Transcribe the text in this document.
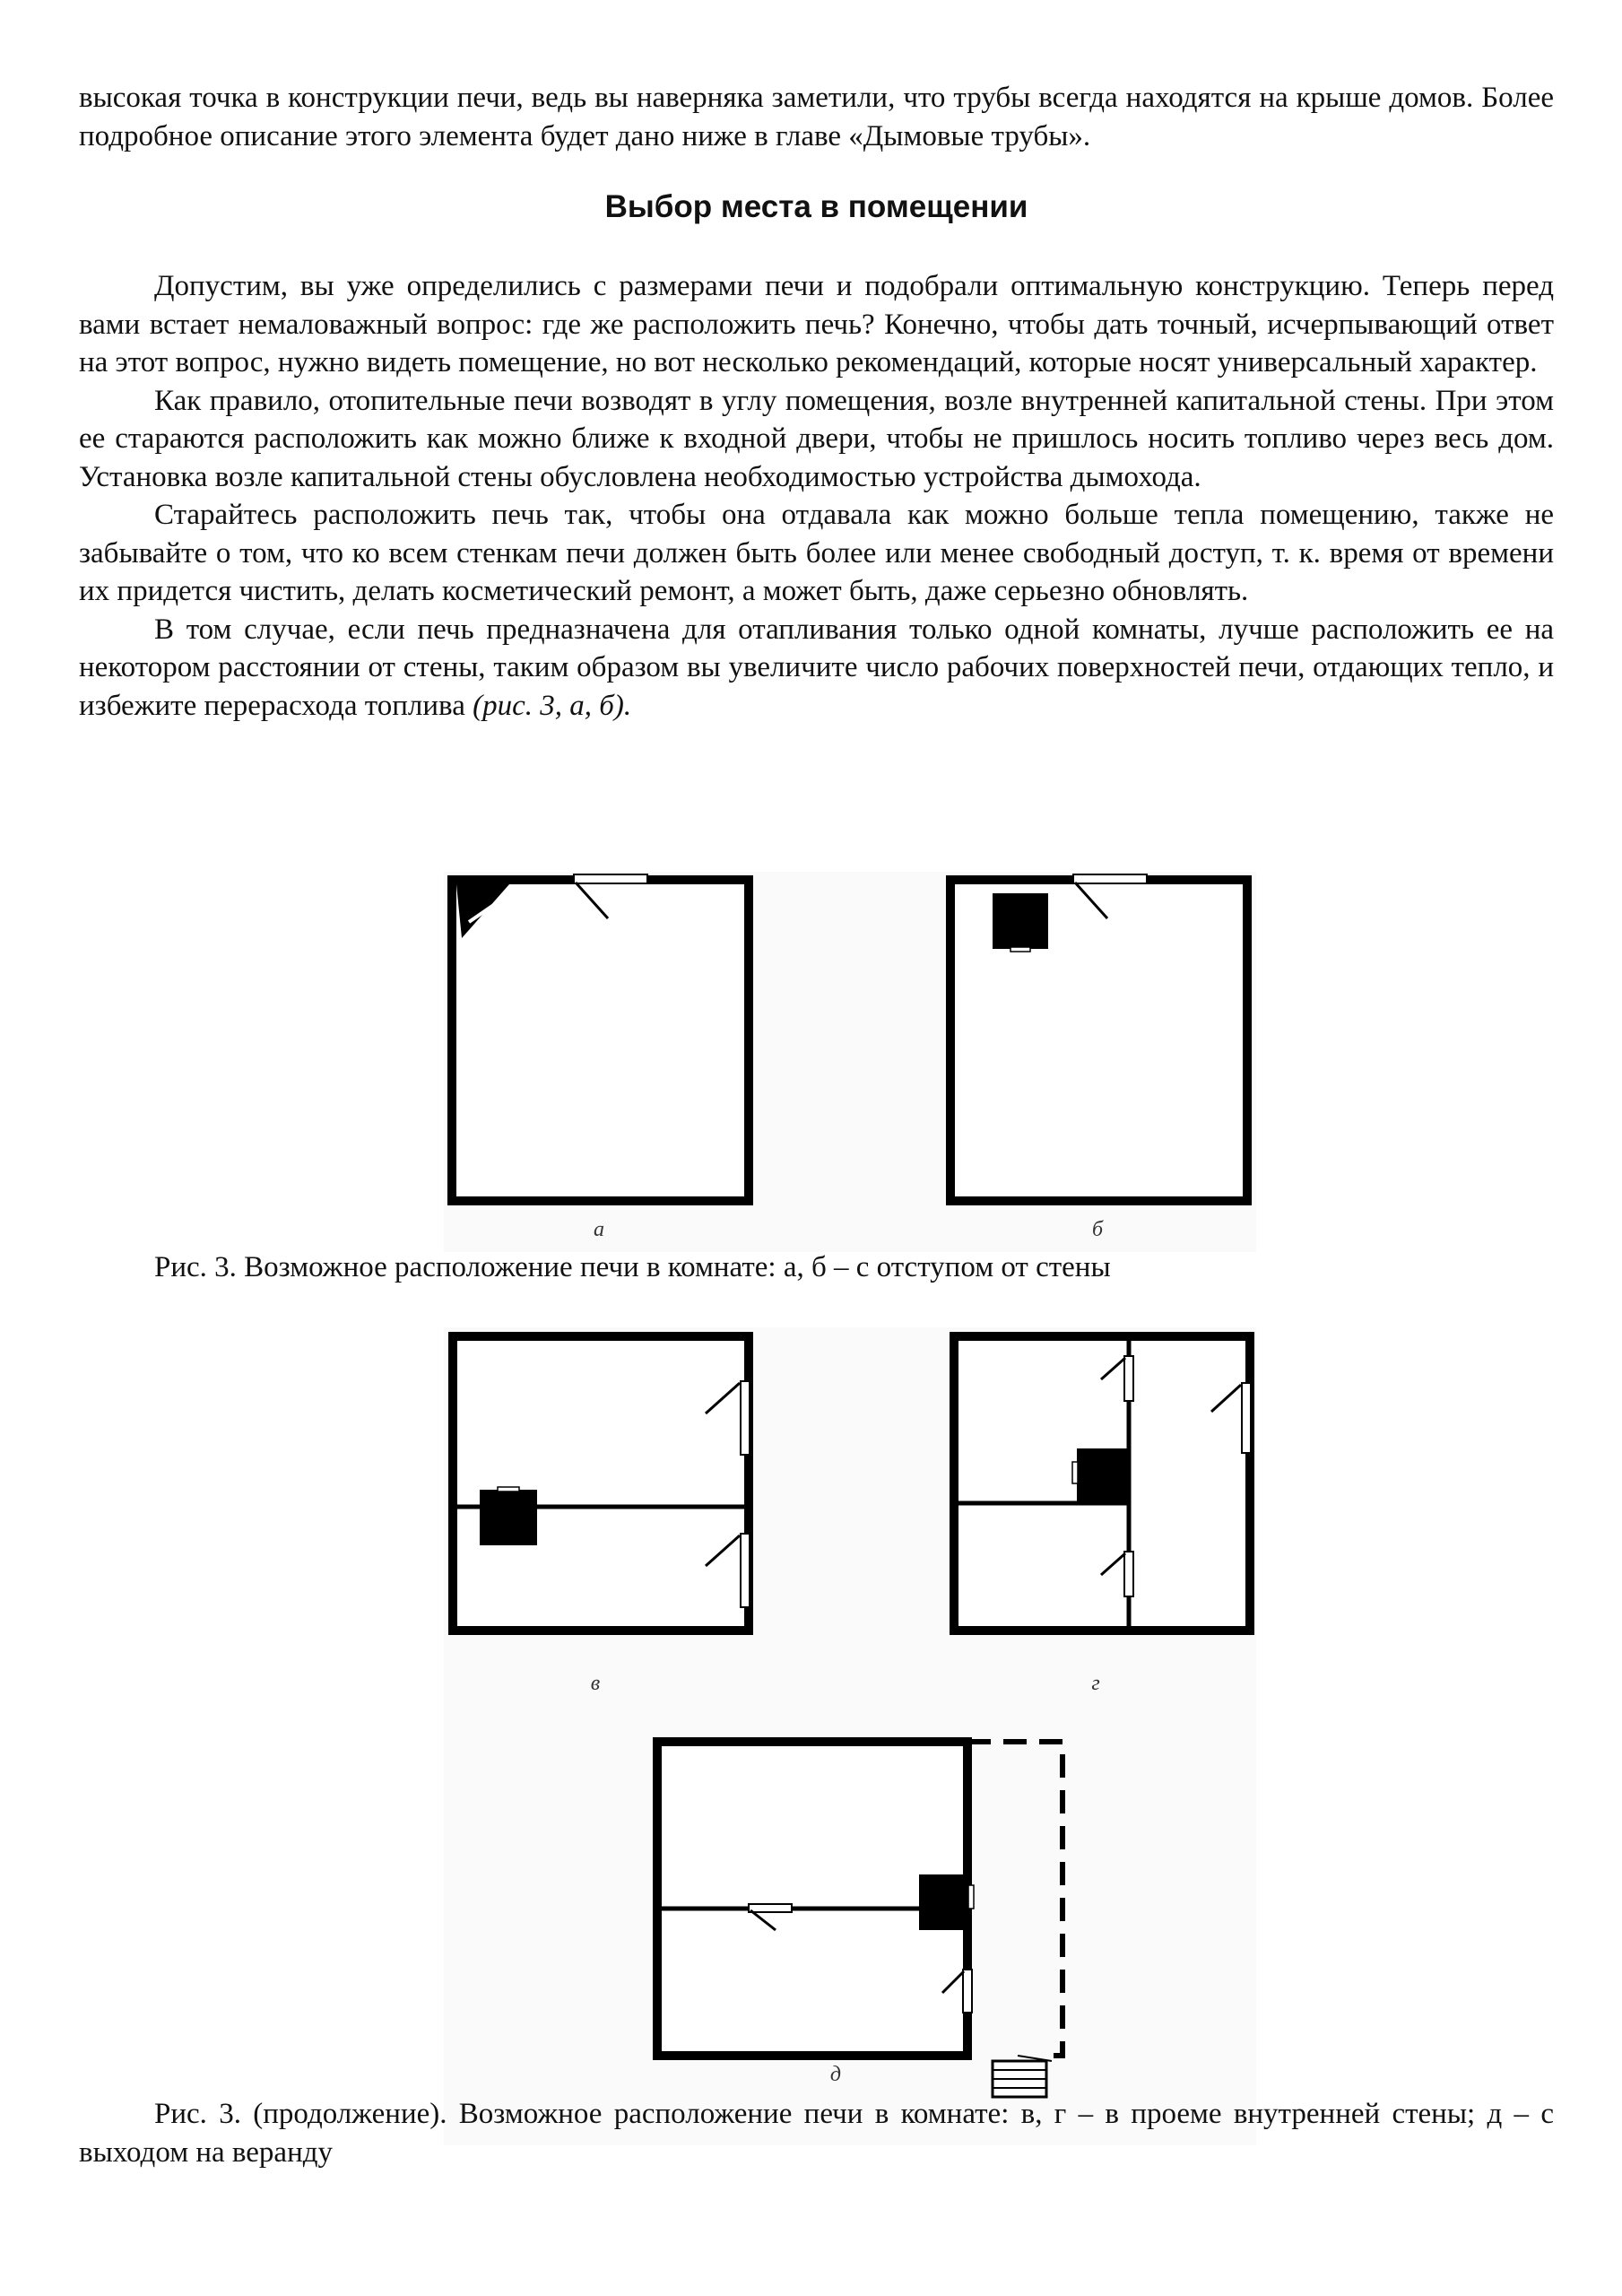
высокая точка в конструкции печи, ведь вы наверняка заметили, что трубы всегда находятся на крыше домов. Более подробное описание этого элемента будет дано ниже в главе «Дымовые трубы».

Выбор места в помещении

Допустим, вы уже определились с размерами печи и подобрали оптимальную конструкцию. Теперь перед вами встает немаловажный вопрос: где же расположить печь? Конечно, чтобы дать точный, исчерпывающий ответ на этот вопрос, нужно видеть помещение, но вот несколько рекомендаций, которые носят универсальный характер.

Как правило, отопительные печи возводят в углу помещения, возле внутренней капитальной стены. При этом ее стараются расположить как можно ближе к входной двери, чтобы не пришлось носить топливо через весь дом. Установка возле капитальной стены обусловлена необходимостью устройства дымохода.

Старайтесь расположить печь так, чтобы она отдавала как можно больше тепла помещению, также не забывайте о том, что ко всем стенкам печи должен быть более или менее свободный доступ, т. к. время от времени их придется чистить, делать косметический ремонт, а может быть, даже серьезно обновлять.

В том случае, если печь предназначена для отапливания только одной комнаты, лучше расположить ее на некотором расстоянии от стены, таким образом вы увеличите число рабочих поверхностей печи, отдающих тепло, и избежите перерасхода топлива (рис. 3, а, б).

а	б

Рис. 3. Возможное расположение печи в комнате: а, б – с отступом от стены

в	г
д

Рис. 3. (продолжение). Возможное расположение печи в комнате: в, г – в проеме внутренней стены; д – с выходом на веранду
